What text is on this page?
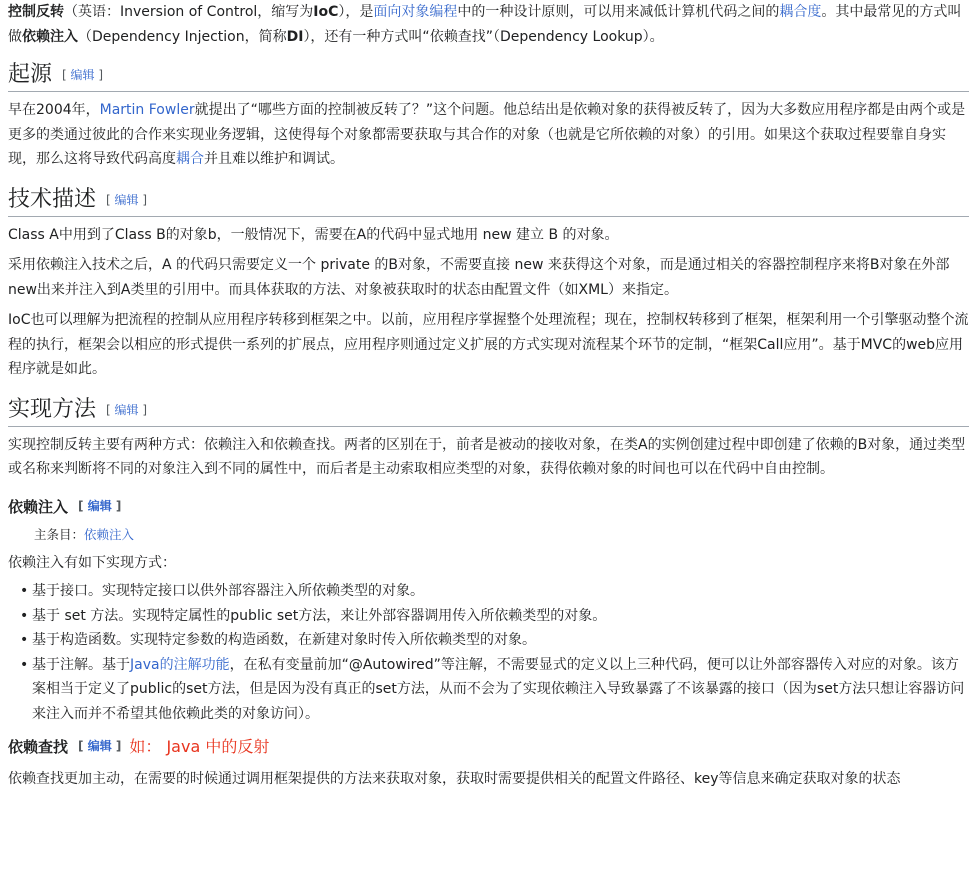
控制反转（英语：Inversion of Control，缩写为IoC），是面向对象编程中的一种设计原则，可以用来减低计算机代码之间的耦合度。其中最常见的方式叫做依赖注入（Dependency Injection，简称DI），还有一种方式叫“依赖查找”（Dependency Lookup）。

起源 [ 编辑 ]

早在2004年，Martin Fowler就提出了“哪些方面的控制被反转了？”这个问题。他总结出是依赖对象的获得被反转了，因为大多数应用程序都是由两个或是更多的类通过彼此的合作来实现业务逻辑，这使得每个对象都需要获取与其合作的对象（也就是它所依赖的对象）的引用。如果这个获取过程要靠自身实现，那么这将导致代码高度耦合并且难以维护和调试。

技术描述 [ 编辑 ]

Class A中用到了Class B的对象b，一般情况下，需要在A的代码中显式地用 new 建立 B 的对象。

采用依赖注入技术之后，A 的代码只需要定义一个 private 的B对象，不需要直接 new 来获得这个对象，而是通过相关的容器控制程序来将B对象在外部new出来并注入到A类里的引用中。而具体获取的方法、对象被获取时的状态由配置文件（如XML）来指定。

IoC也可以理解为把流程的控制从应用程序转移到框架之中。以前，应用程序掌握整个处理流程；现在，控制权转移到了框架，框架利用一个引擎驱动整个流程的执行，框架会以相应的形式提供一系列的扩展点，应用程序则通过定义扩展的方式实现对流程某个环节的定制，“框架Call应用”。基于MVC的web应用程序就是如此。

实现方法 [ 编辑 ]

实现控制反转主要有两种方式：依赖注入和依赖查找。两者的区别在于，前者是被动的接收对象，在类A的实例创建过程中即创建了依赖的B对象，通过类型或名称来判断将不同的对象注入到不同的属性中，而后者是主动索取相应类型的对象，获得依赖对象的时间也可以在代码中自由控制。

依赖注入 [ 编辑 ]
主条目：依赖注入

依赖注入有如下实现方式：

• 基于接口。实现特定接口以供外部容器注入所依赖类型的对象。
• 基于 set 方法。实现特定属性的public set方法，来让外部容器调用传入所依赖类型的对象。
• 基于构造函数。实现特定参数的构造函数，在新建对象时传入所依赖类型的对象。
• 基于注解。基于Java的注解功能，在私有变量前加“@Autowired”等注解，不需要显式的定义以上三种代码，便可以让外部容器传入对应的对象。该方案相当于定义了public的set方法，但是因为没有真正的set方法，从而不会为了实现依赖注入导致暴露了不该暴露的接口（因为set方法只想让容器访问来注入而并不希望其他依赖此类的对象访问）。
依赖查找 [ 编辑 ] 如： Java 中的反射

依赖查找更加主动，在需要的时候通过调用框架提供的方法来获取对象，获取时需要提供相关的配置文件路径、key等信息来确定获取对象的状态
